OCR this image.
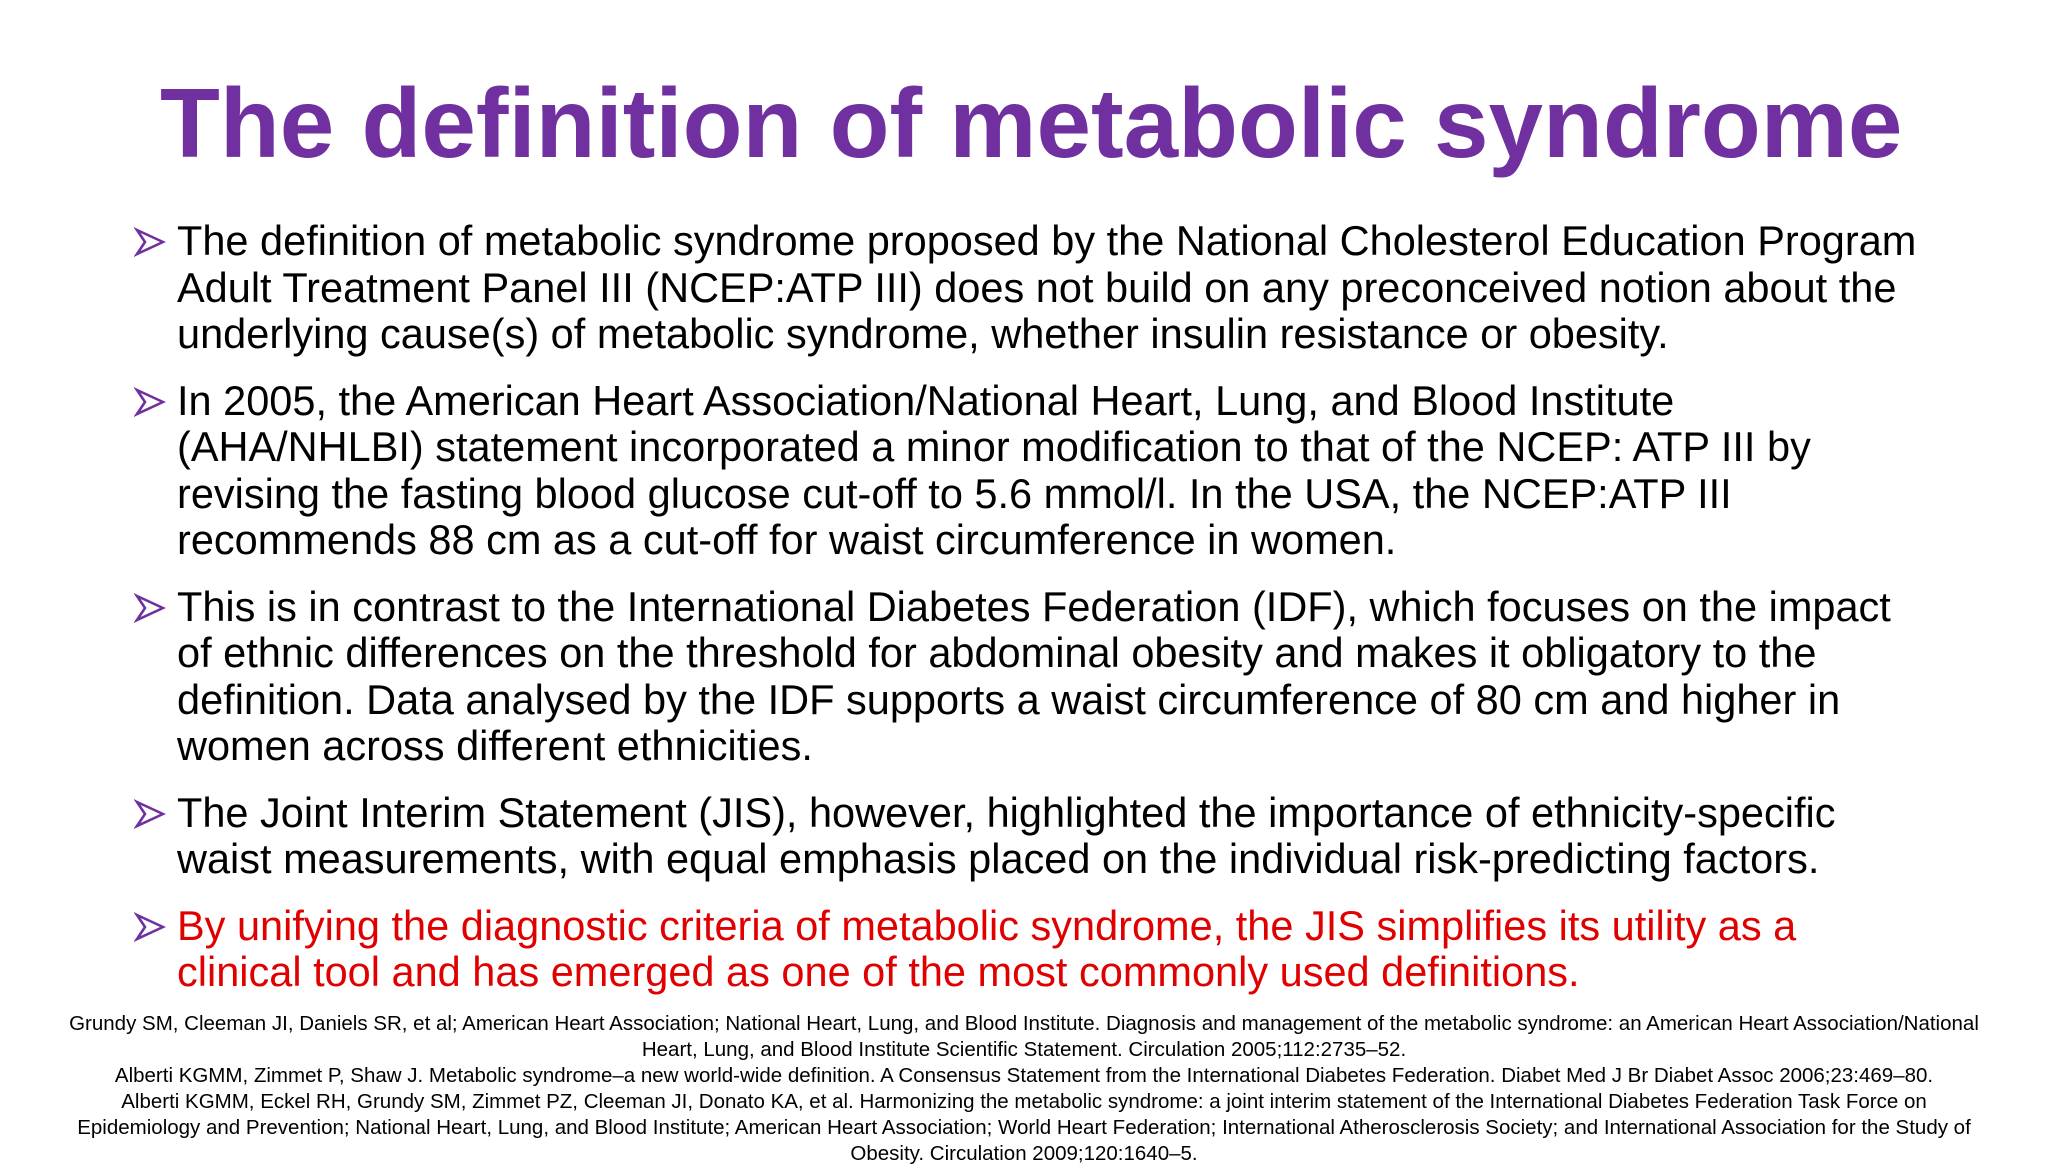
The definition of metabolic syndrome
The definition of metabolic syndrome proposed by the National Cholesterol Education Program Adult Treatment Panel III (NCEP:ATP III) does not build on any preconceived notion about the underlying cause(s) of metabolic syndrome, whether insulin resistance or obesity.
In 2005, the American Heart Association/National Heart, Lung, and Blood Institute (AHA/NHLBI) statement incorporated a minor modification to that of the NCEP: ATP III by revising the fasting blood glucose cut-off to 5.6 mmol/l. In the USA, the NCEP:ATP III recommends 88 cm as a cut-off for waist circumference in women.
This is in contrast to the International Diabetes Federation (IDF), which focuses on the impact of ethnic differences on the threshold for abdominal obesity and makes it obligatory to the definition. Data analysed by the IDF supports a waist circumference of 80 cm and higher in women across different ethnicities.
The Joint Interim Statement (JIS), however, highlighted the importance of ethnicity-specific waist measurements, with equal emphasis placed on the individual risk-predicting factors.
By unifying the diagnostic criteria of metabolic syndrome, the JIS simplifies its utility as a clinical tool and has emerged as one of the most commonly used definitions.

Grundy SM, Cleeman JI, Daniels SR, et al; American Heart Association; National Heart, Lung, and Blood Institute. Diagnosis and management of the metabolic syndrome: an American Heart Association/National Heart, Lung, and Blood Institute Scientific Statement. Circulation 2005;112:2735–52.

Alberti KGMM, Zimmet P, Shaw J. Metabolic syndrome–a new world-wide definition. A Consensus Statement from the International Diabetes Federation. Diabet Med J Br Diabet Assoc 2006;23:469–80.

Alberti KGMM, Eckel RH, Grundy SM, Zimmet PZ, Cleeman JI, Donato KA, et al. Harmonizing the metabolic syndrome: a joint interim statement of the International Diabetes Federation Task Force on Epidemiology and Prevention; National Heart, Lung, and Blood Institute; American Heart Association; World Heart Federation; International Atherosclerosis Society; and International Association for the Study of Obesity. Circulation 2009;120:1640–5.
